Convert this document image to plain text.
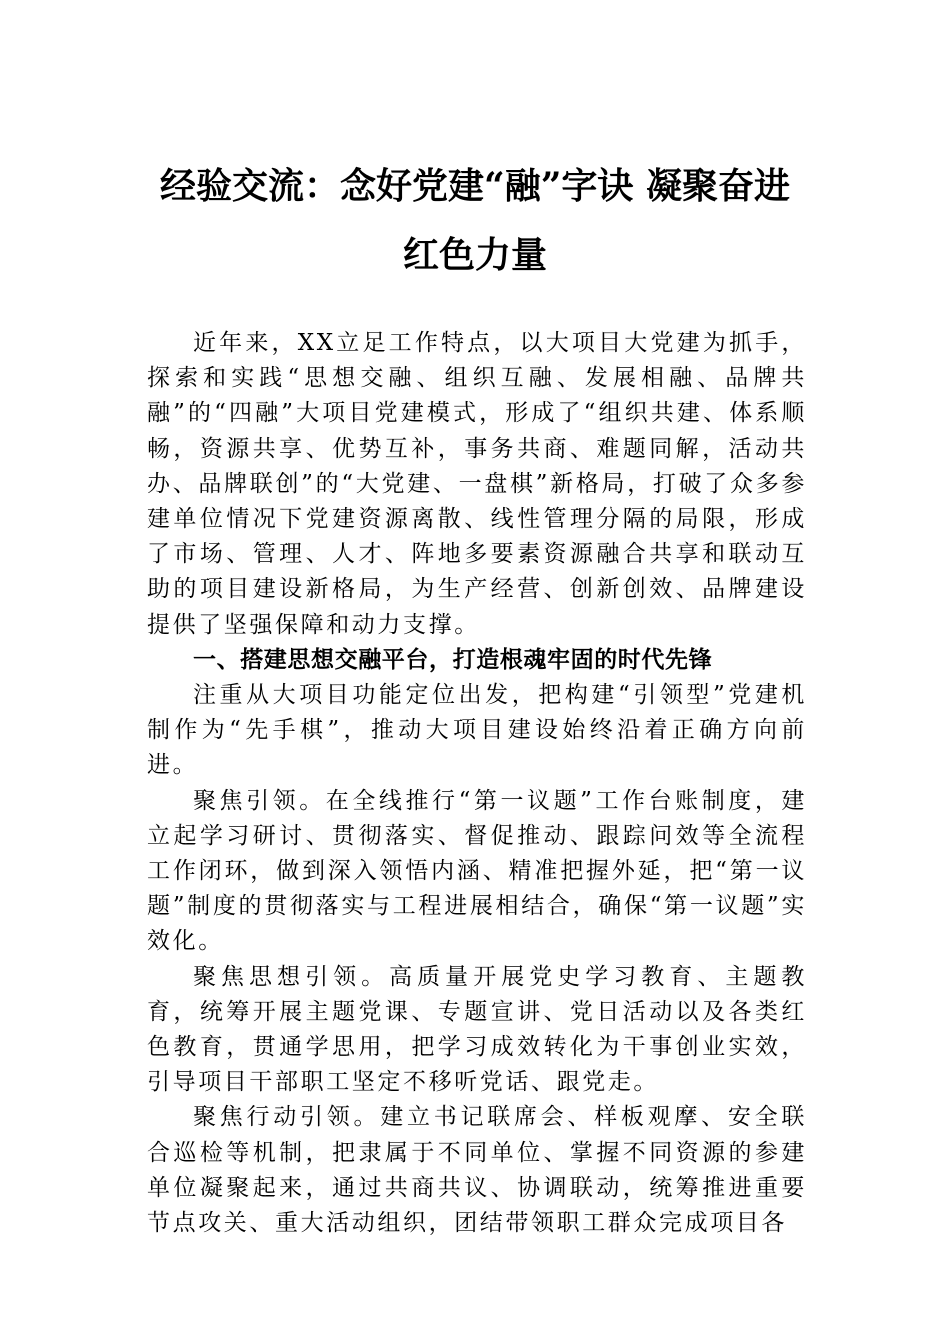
经验交流：念好党建“融”字诀 凝聚奋进
红色力量

近年来，XX立足工作特点，以大项目大党建为抓手，探索和实践“思想交融、组织互融、发展相融、品牌共融”的“四融”大项目党建模式，形成了“组织共建、体系顺畅，资源共享、优势互补，事务共商、难题同解，活动共办、品牌联创”的“大党建、一盘棋”新格局，打破了众多参建单位情况下党建资源离散、线性管理分隔的局限，形成了市场、管理、人才、阵地多要素资源融合共享和联动互助的项目建设新格局，为生产经营、创新创效、品牌建设提供了坚强保障和动力支撑。

一、搭建思想交融平台，打造根魂牢固的时代先锋

注重从大项目功能定位出发，把构建“引领型”党建机制作为“先手棋”，推动大项目建设始终沿着正确方向前进。

聚焦引领。在全线推行“第一议题”工作台账制度，建立起学习研讨、贯彻落实、督促推动、跟踪问效等全流程工作闭环，做到深入领悟内涵、精准把握外延，把“第一议题”制度的贯彻落实与工程进展相结合，确保“第一议题”实效化。

聚焦思想引领。高质量开展党史学习教育、主题教育，统筹开展主题党课、专题宣讲、党日活动以及各类红色教育，贯通学思用，把学习成效转化为干事创业实效，引导项目干部职工坚定不移听党话、跟党走。

聚焦行动引领。建立书记联席会、样板观摩、安全联合巡检等机制，把隶属于不同单位、掌握不同资源的参建单位凝聚起来，通过共商共议、协调联动，统筹推进重要节点攻关、重大活动组织，团结带领职工群众完成项目各
